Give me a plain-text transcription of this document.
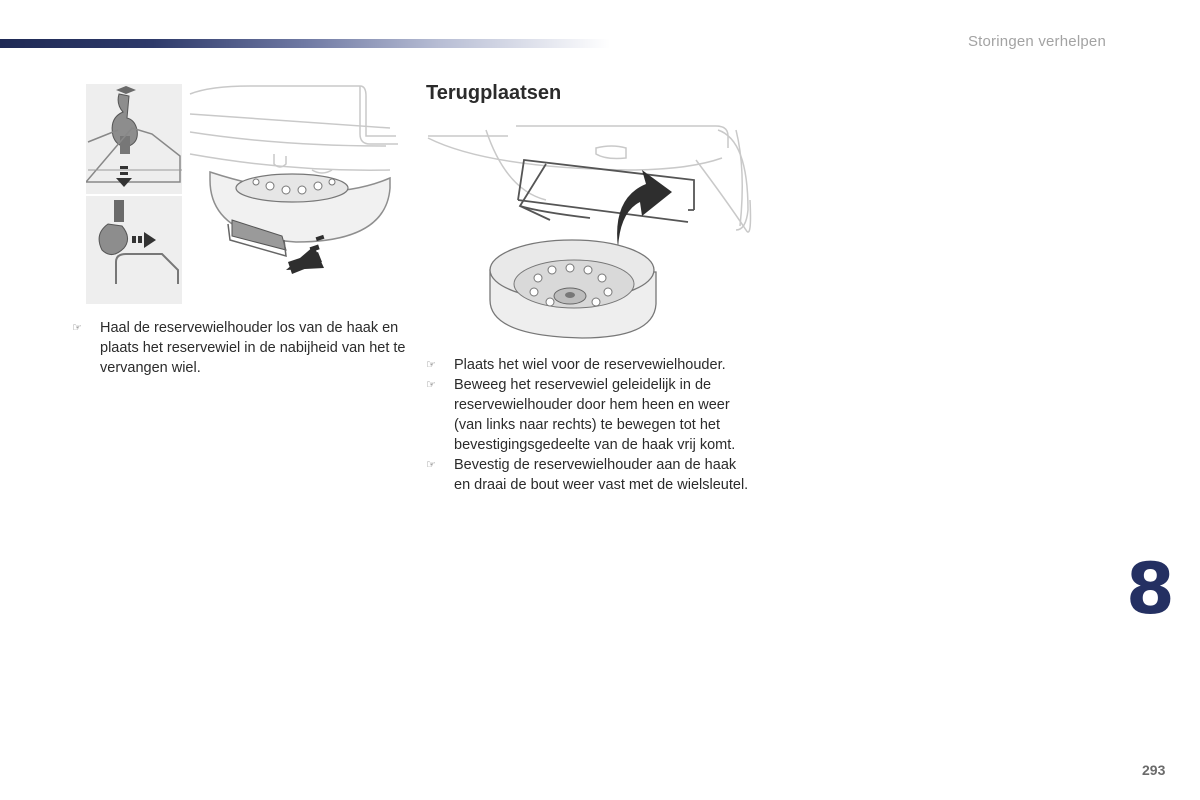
Storingen verhelpen
☞ Haal de reservewielhouder los van de haak en plaats het reservewiel in de nabijheid van het te vervangen wiel.
Terugplaatsen
☞ Plaats het wiel voor de reservewielhouder.
☞ Beweeg het reservewiel geleidelijk in de reservewielhouder door hem heen en weer (van links naar rechts) te bewegen tot het bevestigingsgedeelte van de haak vrij komt.
☞ Bevestig de reservewielhouder aan de haak en draai de bout weer vast met de wielsleutel.
8
293
